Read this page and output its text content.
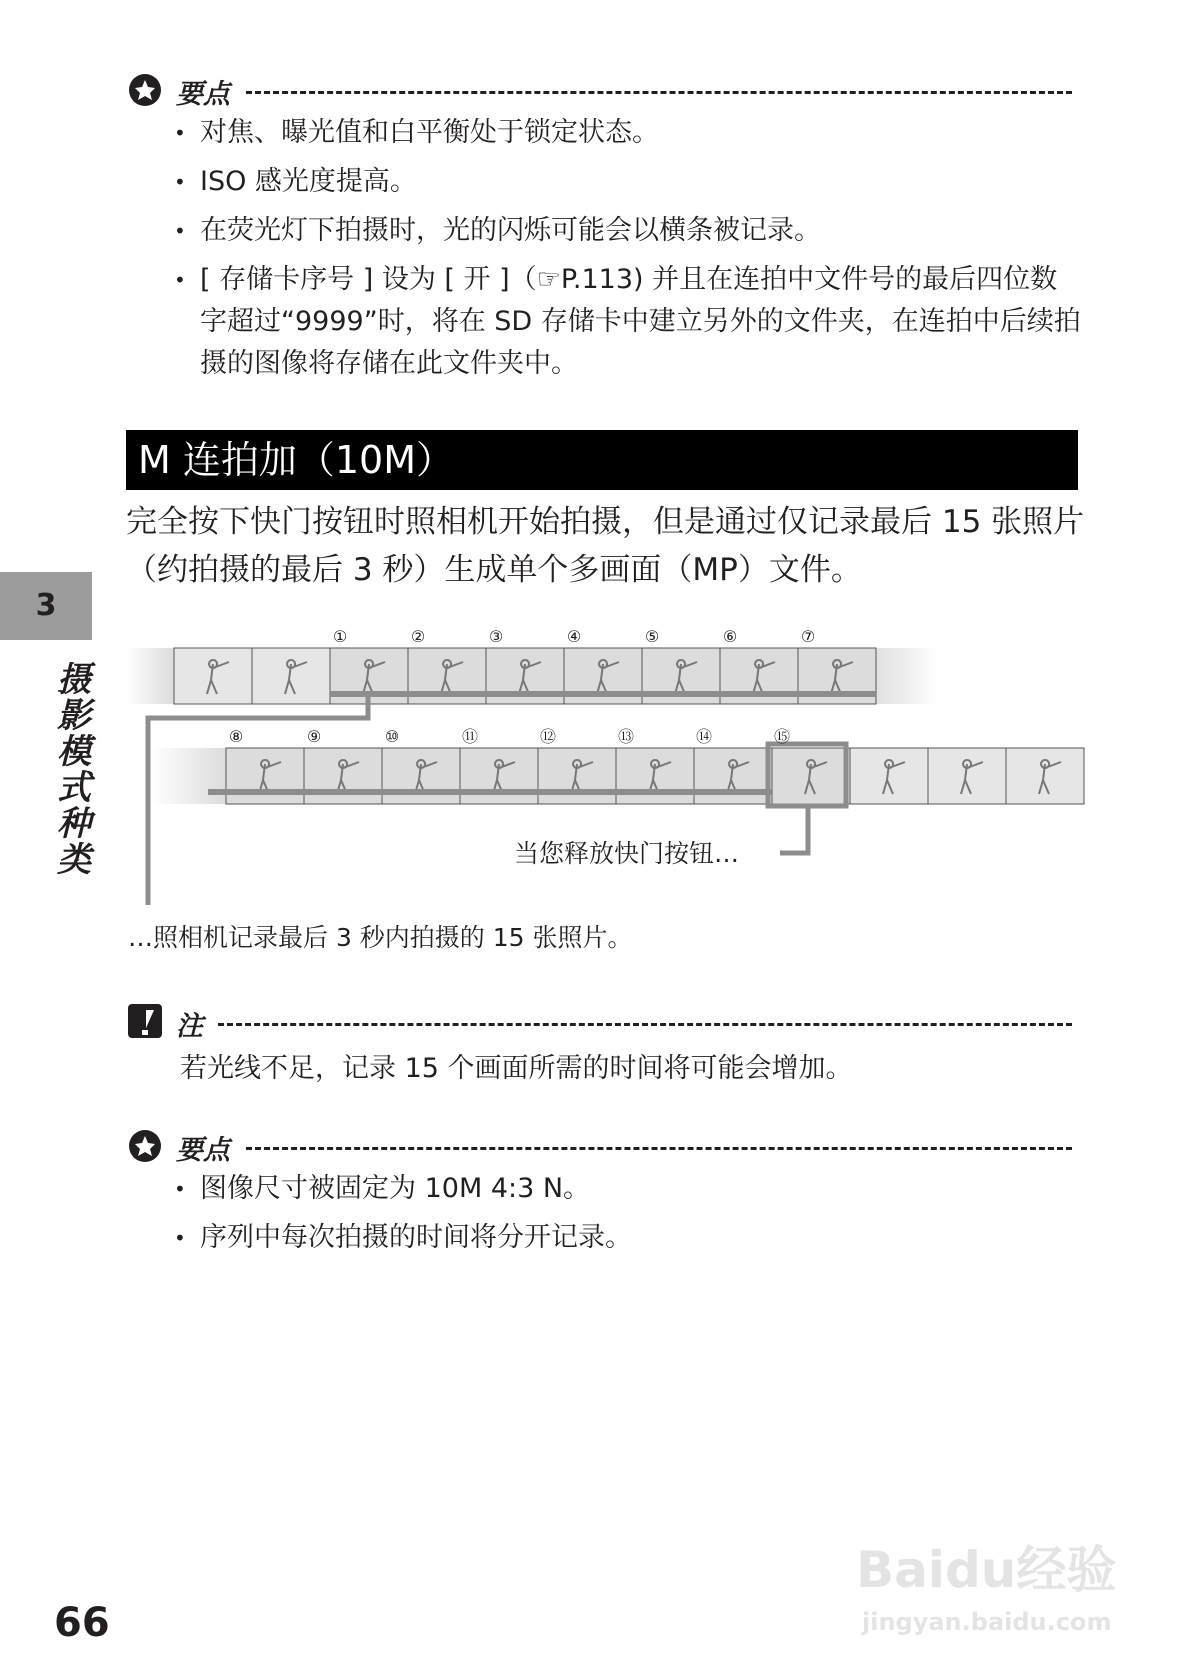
要点
• 对焦、曝光值和白平衡处于锁定状态。
• ISO 感光度提高。
• 在荧光灯下拍摄时，光的闪烁可能会以横条被记录。
• [ 存储卡序号 ] 设为 [ 开 ]（☞P.113) 并且在连拍中文件号的最后四位数字超过“9999”时，将在 SD 存储卡中建立另外的文件夹，在连拍中后续拍摄的图像将存储在此文件夹中。
M 连拍加（10M）
完全按下快门按钮时照相机开始拍摄，但是通过仅记录最后 15 张照片（约拍摄的最后 3 秒）生成单个多画面（MP）文件。
①	②	③	④	⑤	⑥	⑦
⑧	⑨	⑩	⑪	⑫	⑬	⑭	⑮
当您释放快门按钮…
…照相机记录最后 3 秒内拍摄的 15 张照片。
注
若光线不足，记录 15 个画面所需的时间将可能会增加。
要点
• 图像尺寸被固定为 10M 4:3 N。
• 序列中每次拍摄的时间将分开记录。
3
摄影模式种类
66
Baidu经验
jingyan.baidu.com
